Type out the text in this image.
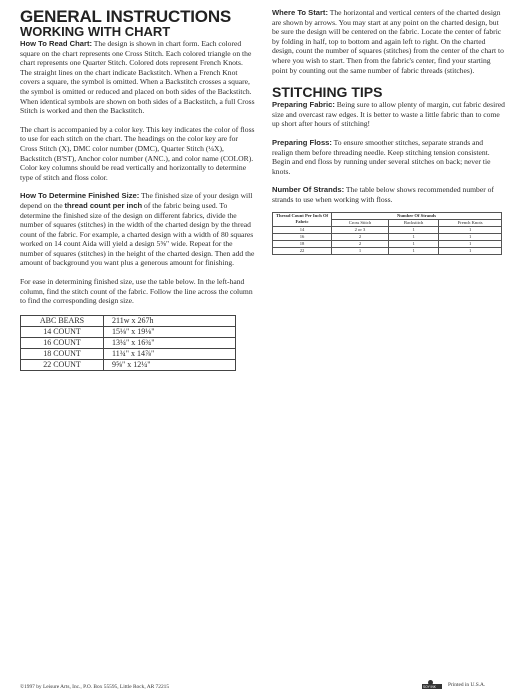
GENERAL INSTRUCTIONS
WORKING WITH CHART

How To Read Chart: The design is shown in chart form. Each colored square on the chart represents one Cross Stitch. Each colored triangle on the chart represents one Quarter Stitch. Colored dots represent French Knots. The straight lines on the chart indicate Backstitch. When a French Knot covers a square, the symbol is omitted. When a Backstitch crosses a square, the symbol is omitted or reduced and placed on both sides of the Backstitch. When identical symbols are shown on both sides of a Backstitch, a full Cross Stitch is worked and then the Backstitch.

The chart is accompanied by a color key. This key indicates the color of floss to use for each stitch on the chart. The headings on the color key are for Cross Stitch (X), DMC color number (DMC), Quarter Stitch (¼X), Backstitch (B'ST), Anchor color number (ANC.), and color name (COLOR). Color key columns should be read vertically and horizontally to determine type of stitch and floss color.

How To Determine Finished Size: The finished size of your design will depend on the thread count per inch of the fabric being used. To determine the finished size of the design on different fabrics, divide the number of squares (stitches) in the width of the charted design by the thread count of the fabric. For example, a charted design with a width of 80 squares worked on 14 count Aida will yield a design 5⅝" wide. Repeat for the number of squares (stitches) in the height of the charted design. Then add the amount of background you want plus a generous amount for finishing.

For ease in determining finished size, use the table below. In the left-hand column, find the stitch count of the fabric. Follow the line across the column to find the corresponding design size.

ABC BEARS	211w x 267h
14 COUNT	15⅛" x 19⅛"
16 COUNT	13¼" x 16¾"
18 COUNT	11¾" x 14⅞"
22 COUNT	9⅝" x 12¼"

Where To Start: The horizontal and vertical centers of the charted design are shown by arrows. You may start at any point on the charted design, but be sure the design will be centered on the fabric. Locate the center of fabric by folding in half, top to bottom and again left to right. On the charted design, count the number of squares (stitches) from the center of the chart to where you wish to start. Then from the fabric's center, find your starting point by counting out the same number of fabric threads (stitches).

STITCHING TIPS

Preparing Fabric: Being sure to allow plenty of margin, cut fabric desired size and overcast raw edges. It is better to waste a little fabric than to come up short after hours of stitching!

Preparing Floss: To ensure smoother stitches, separate strands and realign them before threading needle. Keep stitching tension consistent. Begin and end floss by running under several stitches on back; never tie knots.

Number Of Strands: The table below shows recommended number of strands to use when working with floss.

Thread Count Per Inch Of Fabric	Number Of Strands		
	Cross Stitch	Backstitch	French Knots
14	2 or 3	1	1
16	2	1	1
18	2	1	1
22	1	1	1
©1997 by Leisure Arts, Inc., P.O. Box 55595, Little Rock, AR 72215	SOY INK Printed in U.S.A.
